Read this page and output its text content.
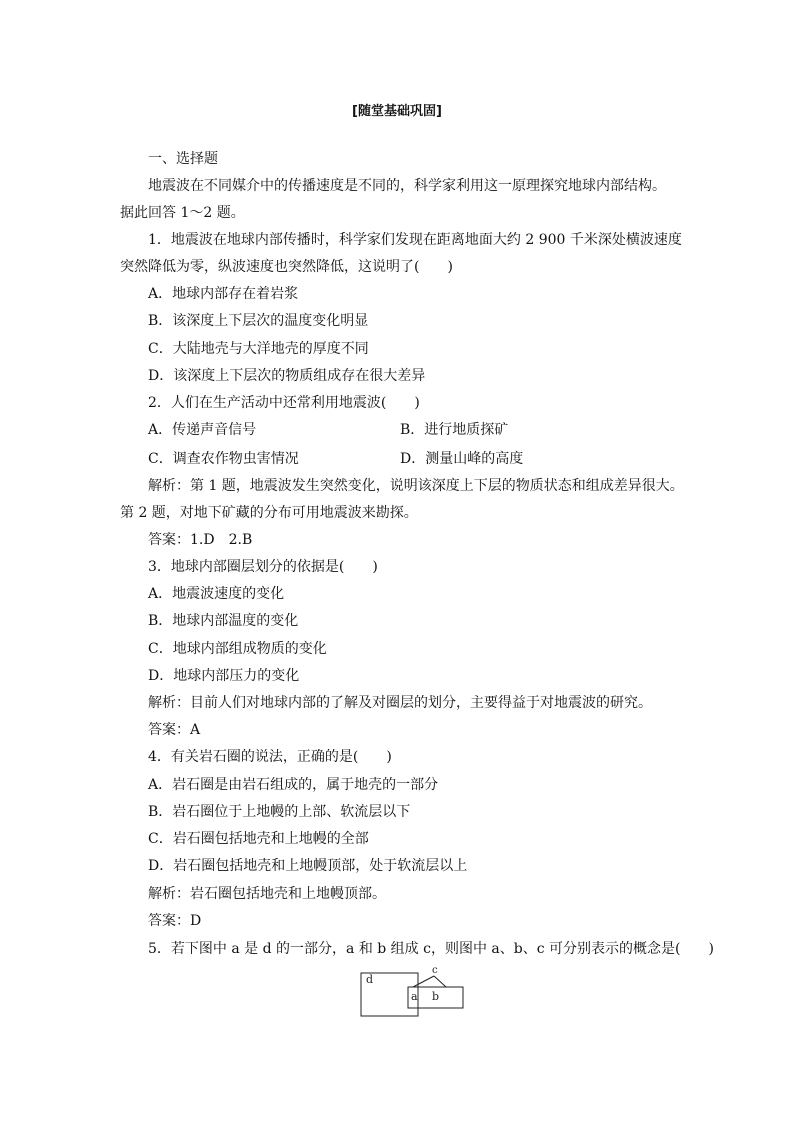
[随堂基础巩固]
一、选择题
地震波在不同媒介中的传播速度是不同的，科学家利用这一原理探究地球内部结构。
据此回答 1～2 题。
1．地震波在地球内部传播时，科学家们发现在距离地面大约 2 900 千米深处横波速度
突然降低为零，纵波速度也突然降低，这说明了(　　)
A．地球内部存在着岩浆
B．该深度上下层次的温度变化明显
C．大陆地壳与大洋地壳的厚度不同
D．该深度上下层次的物质组成存在很大差异
2．人们在生产活动中还常利用地震波(　　)
A．传递声音信号	B．进行地质探矿
C．调查农作物虫害情况	D．测量山峰的高度
解析：第 1 题，地震波发生突然变化，说明该深度上下层的物质状态和组成差异很大。
第 2 题，对地下矿藏的分布可用地震波来勘探。
答案：1.D　2.B
3．地球内部圈层划分的依据是(　　)
A．地震波速度的变化
B．地球内部温度的变化
C．地球内部组成物质的变化
D．地球内部压力的变化
解析：目前人们对地球内部的了解及对圈层的划分，主要得益于对地震波的研究。
答案：A
4．有关岩石圈的说法，正确的是(　　)
A．岩石圈是由岩石组成的，属于地壳的一部分
B．岩石圈位于上地幔的上部、软流层以下
C．岩石圈包括地壳和上地幔的全部
D．岩石圈包括地壳和上地幔顶部，处于软流层以上
解析：岩石圈包括地壳和上地幔顶部。
答案：D
5．若下图中 a 是 d 的一部分，a 和 b 组成 c，则图中 a、b、c 可分别表示的概念是(　　)
d
c
a b
